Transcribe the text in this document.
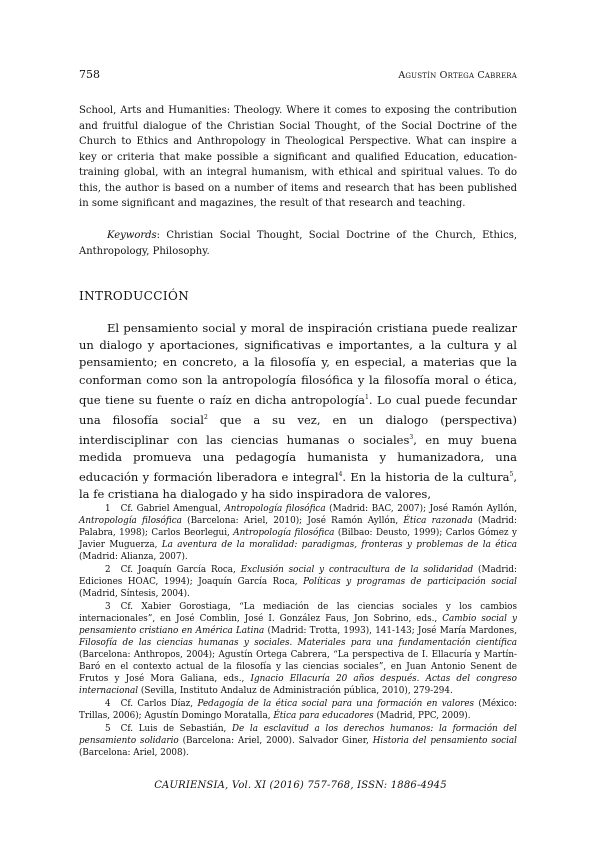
758	Agustín Ortega Cabrera
School, Arts and Humanities: Theology. Where it comes to exposing the contribution and fruitful dialogue of the Christian Social Thought, of the Social Doctrine of the Church to Ethics and Anthropology in Theological Perspective. What can inspire a key or criteria that make possible a significant and qualified Education, education-training global, with an integral humanism, with ethical and spiritual values. To do this, the author is based on a number of items and research that has been published in some significant and magazines, the result of that research and teaching.
Keywords: Christian Social Thought, Social Doctrine of the Church, Ethics, Anthropology, Philosophy.
INTRODUCCIÓN
El pensamiento social y moral de inspiración cristiana puede realizar un dialogo y aportaciones, significativas e importantes, a la cultura y al pensamiento; en concreto, a la filosofía y, en especial, a materias que la conforman como son la antropología filosófica y la filosofía moral o ética, que tiene su fuente o raíz en dicha antropología$^1$. Lo cual puede fecundar una filosofía social$^2$ que a su vez, en un dialogo (perspectiva) interdisciplinar con las ciencias humanas o sociales$^3$, en muy buena medida promueva una pedagogía humanista y humanizadora, una educación y formación liberadora e integral$^4$. En la historia de la cultura$^5$, la fe cristiana ha dialogado y ha sido inspiradora de valores,

1 Cf. Gabriel Amengual, Antropología filosófica (Madrid: BAC, 2007); José Ramón Ayllón, Antropología filosófica (Barcelona: Ariel, 2010); José Ramón Ayllón, Ética razonada (Madrid: Palabra, 1998); Carlos Beorlegui, Antropología filosófica (Bilbao: Deusto, 1999); Carlos Gómez y Javier Muguerza, La aventura de la moralidad: paradigmas, fronteras y problemas de la ética (Madrid: Alianza, 2007).

2 Cf. Joaquín García Roca, Exclusión social y contracultura de la solidaridad (Madrid: Ediciones HOAC, 1994); Joaquín García Roca, Políticas y programas de participación social (Madrid, Síntesis, 2004).

3 Cf. Xabier Gorostiaga, “La mediación de las ciencias sociales y los cambios internacionales”, en José Comblin, José I. González Faus, Jon Sobrino, eds., Cambio social y pensamiento cristiano en América Latina (Madrid: Trotta, 1993), 141-143; José María Mardones, Filosofía de las ciencias humanas y sociales. Materiales para una fundamentación científica (Barcelona: Anthropos, 2004); Agustín Ortega Cabrera, “La perspectiva de I. Ellacuría y Martín-Baró en el contexto actual de la filosofía y las ciencias sociales”, en Juan Antonio Senent de Frutos y José Mora Galiana, eds., Ignacio Ellacuría 20 años después. Actas del congreso internacional (Sevilla, Instituto Andaluz de Administración pública, 2010), 279-294.

4 Cf. Carlos Díaz, Pedagogía de la ética social para una formación en valores (México: Trillas, 2006); Agustín Domingo Moratalla, Ética para educadores (Madrid, PPC, 2009).

5 Cf. Luis de Sebastián, De la esclavitud a los derechos humanos: la formación del pensamiento solidario (Barcelona: Ariel, 2000). Salvador Giner, Historia del pensamiento social (Barcelona: Ariel, 2008).

CAURIENSIA, Vol. XI (2016) 757-768, ISSN: 1886-4945
